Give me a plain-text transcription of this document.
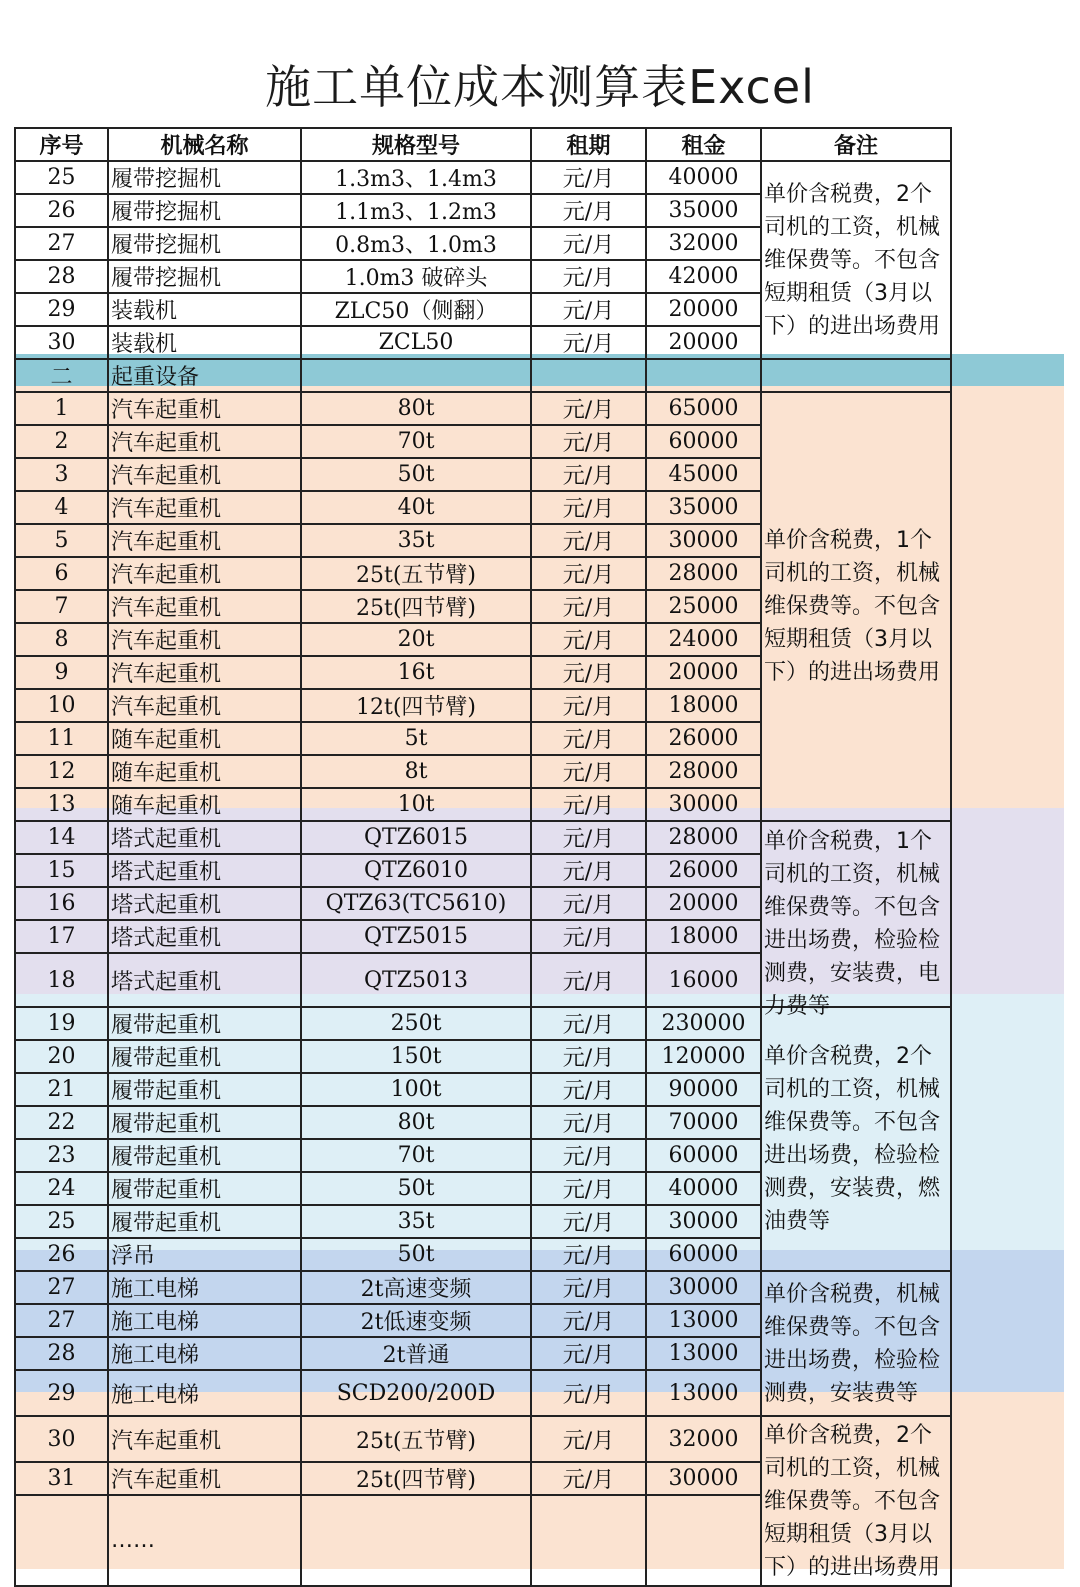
施工单位成本测算表Excel
序号	机械名称	规格型号	租期	租金	备注
25	履带挖掘机	1.3m3、1.4m3	元/月	40000	单价含税费，2个司机的工资，机械维保费等。不包含短期租赁（3月以下）的进出场费用

26	履带挖掘机	1.1m3、1.2m3	元/月	35000	
27	履带挖掘机	0.8m3、1.0m3	元/月	32000	
28	履带挖掘机	1.0m3 破碎头	元/月	42000	
29	装载机	ZLC50（侧翻）	元/月	20000	
30	装载机	ZCL50	元/月	20000	
二	起重设备				

1	汽车起重机	80t	元/月	65000	单价含税费，1个司机的工资，机械维保费等。不包含短期租赁（3月以下）的进出场费用

2	汽车起重机	70t	元/月	60000	
3	汽车起重机	50t	元/月	45000	
4	汽车起重机	40t	元/月	35000	
5	汽车起重机	35t	元/月	30000	
6	汽车起重机	25t(五节臂)	元/月	28000	
7	汽车起重机	25t(四节臂)	元/月	25000	
8	汽车起重机	20t	元/月	24000	
9	汽车起重机	16t	元/月	20000	
10	汽车起重机	12t(四节臂)	元/月	18000	
11	随车起重机	5t	元/月	26000	
12	随车起重机	8t	元/月	28000	
13	随车起重机	10t	元/月	30000	
14	塔式起重机	QTZ6015	元/月	28000	单价含税费，1个司机的工资，机械维保费等。不包含进出场费，检验检测费，安装费，电力费等

15	塔式起重机	QTZ6010	元/月	26000	
16	塔式起重机	QTZ63(TC5610)	元/月	20000	
17	塔式起重机	QTZ5015	元/月	18000	
18	塔式起重机	QTZ5013	元/月	16000	
19	履带起重机	250t	元/月	230000	单价含税费，2个司机的工资，机械维保费等。不包含进出场费，检验检测费，安装费，燃油费等

20	履带起重机	150t	元/月	120000	
21	履带起重机	100t	元/月	90000	
22	履带起重机	80t	元/月	70000	
23	履带起重机	70t	元/月	60000	
24	履带起重机	50t	元/月	40000	
25	履带起重机	35t	元/月	30000	
26	浮吊	50t	元/月	60000	
27	施工电梯	2t高速变频	元/月	30000	单价含税费，机械维保费等。不包含进出场费，检验检测费，安装费等

27	施工电梯	2t低速变频	元/月	13000	
28	施工电梯	2t普通	元/月	13000	
29	施工电梯	SCD200/200D	元/月	13000	
30	汽车起重机	25t(五节臂)	元/月	32000	单价含税费，2个司机的工资，机械维保费等。不包含短期租赁（3月以下）的进出场费用

31	汽车起重机	25t(四节臂)	元/月	30000	
	……				
